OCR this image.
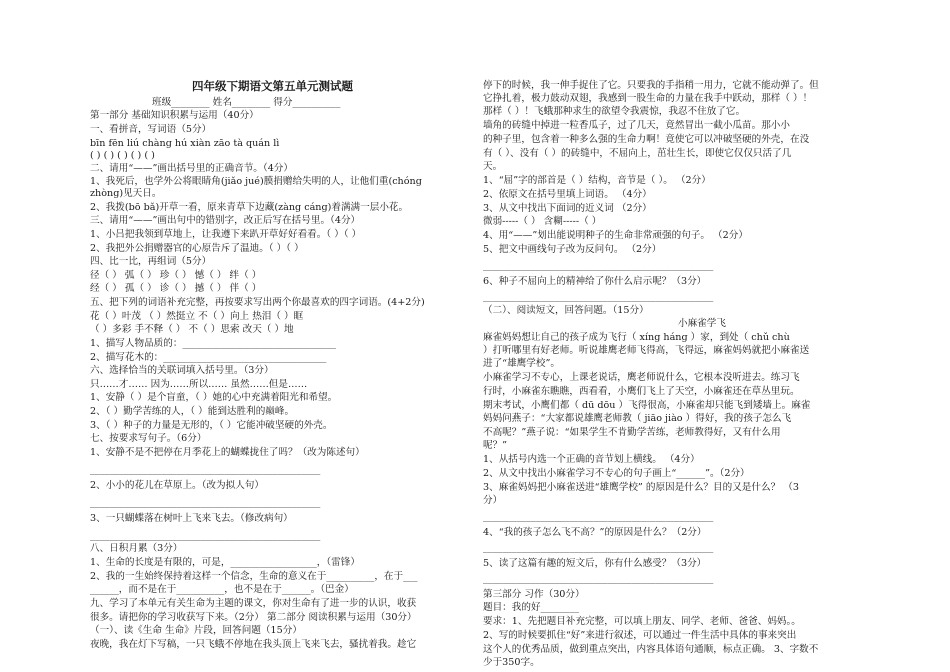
四年级下期语文第五单元测试题
班级________ 姓名________ 得分__________
第一部分 基础知识积累与运用（40分）
一、看拼音，写词语（5分）
bīn fēn liú chàng hú xiàn zāo tà quán lì
( ) ( ) ( ) ( ) ( )
二、请用“——”画出括号里的正确音节。（4分）
1、我死后，也学外公将眼睛角(jiǎo jué)膜捐赠给失明的人，让他们重(chóng
zhòng)见天日。
2、我拨(bō bǎ)开草一看，原来青草下边藏(zàng cáng)着满满一层小花。
三、请用“——”画出句中的错别字，改正后写在括号里。（4分）
1、小吕把我领到草地上，让我遵下来趴开草好好看看。（ ）（ ）
2、我把外公捐赠器官的心原告斥了温迪。（ ）（ ）
四、比一比，再组词（5分）
径（ ） 弧（ ） 珍（ ） 憾（ ） 绊（ ）
经（ ） 孤（ ） 诊（ ） 撼（ ） 伴（ ）
五、把下列的词语补充完整，再按要求写出两个你最喜欢的四字词语。(4+2分)
花（ ）叶茂 （ ）然挺立 不（ ）向上 热泪（ ）眶
（ ）多彩 手不释（ ） 不（ ）思索 改天（ ）地
1、描写人物品质的：________________________________
2、描写花木的：__________________________________
六、选择恰当的关联词填入括号里。（3分）
只……才…… 因为……所以…… 虽然……但是……
1、安静（ ）是个盲童，（ ）她的心中充满着阳光和希望。
2、（ ）勤学苦练的人，（ ）能到达胜利的巅峰。
3、（ ）种子的力量是无形的，（ ）它能冲破坚硬的外壳。
七、按要求写句子。（6分）
1、安静不是不把停在月季花上的蝴蝶拢住了吗？（改为陈述句）
________________________________________________
2、小小的花儿在草原上。（改为拟人句）
________________________________________________
3、一只蝴蝶落在树叶上飞来飞去。（修改病句）
________________________________________________
八、日积月累（3分）
1、生命的长度是有限的，可是，__________________，（雷锋）
2、我的一生始终保持着这样一个信念，生命的意义在于__________，在于___
______，而不是在于__________，也不是在于______。（巴金）
九、学习了本单元有关生命为主题的课文，你对生命有了进一步的认识，收获
很多。请把你的学习收获写下来。（2分） 第二部分 阅读积累与运用（30分）
（一）、读《生命 生命》片段，回答问题（15分）
夜晚，我在灯下写稿，一只飞蛾不停地在我头顶上飞来飞去，骚扰着我。趁它
停下的时候，我一伸手捉住了它。只要我的手指稍一用力，它就不能动弹了。但
它挣扎着，极力鼓动双翅，我感到一股生命的力量在我手中跃动，那样（ ）！
那样（ ）！飞蛾那种求生的欲望令我震惊，我忍不住放了它。
墙角的砖缝中掉进一粒香瓜子，过了几天，竟然冒出一截小瓜苗。那小小
的种子里，包含着一种多么强的生命力啊！竟使它可以冲破坚硬的外壳，在没
有（ ）、没有（ ）的砖缝中，不屈向上，茁壮生长，即使它仅仅只活了几
天。
1、“屈”字的部首是（ ）结构，音节是（ ）。 （2分）
2、依原文在括号里填上词语。 （4分）
3、从文中找出下面词的近义词 （2分）
微弱-----（ ） 含糊-----（ ）
4、用“——”划出能说明种子的生命非常顽强的句子。 （2分）
5、把文中画线句子改为反问句。 （2分）
________________________________________________
6、种子不屈向上的精神给了你什么启示呢？（3分）
________________________________________________
（二）、阅读短文，回答问题。（15分）
小麻雀学飞
麻雀妈妈想让自己的孩子成为飞行（ xíng háng ）家，到处（ chǔ chù
）打听哪里有好老师。听说雄鹰老师飞得高，飞得远，麻雀妈妈就把小麻雀送
进了“雄鹰学校”。
小麻雀学习不专心，上课老说话，鹰老师说什么，它根本没听进去。练习飞
行时，小麻雀东瞧瞧，西看看，小鹰们飞上了天空，小麻雀还在草丛里玩。
期末考试，小鹰们都（ dū dōu ）飞得很高，小麻雀却只能飞到矮墙上。麻雀
妈妈问燕子：“大家都说雄鹰老师教（ jiāo jiào ）得好，我的孩子怎么飞
不高呢？”燕子说：“如果学生不肯勤学苦练，老师教得好，又有什么用
呢？”
1、从括号内选一个正确的音节划上横线。 （4分）
2、从文中找出小麻雀学习不专心的句子画上“______”。（2分）
3、麻雀妈妈把小麻雀送进“雄鹰学校” 的原因是什么？目的又是什么？ （3
分）
________________________________________________
4、“我的孩子怎么飞不高？”的原因是什么？（2分）
________________________________________________
5、读了这篇有趣的短文后，你有什么感受？（3分）
________________________________________________
第三部分 习作（30分）
题目：我的好________
要求：1、先把题目补充完整，可以填上朋友、同学、老师、爸爸、妈妈。。
2、写的时候要抓住“好”来进行叙述，可以通过一件生活中具体的事来突出
这个人的优秀品质，做到重点突出，内容具体语句通顺，标点正确。 3、字数不
少于350字。
